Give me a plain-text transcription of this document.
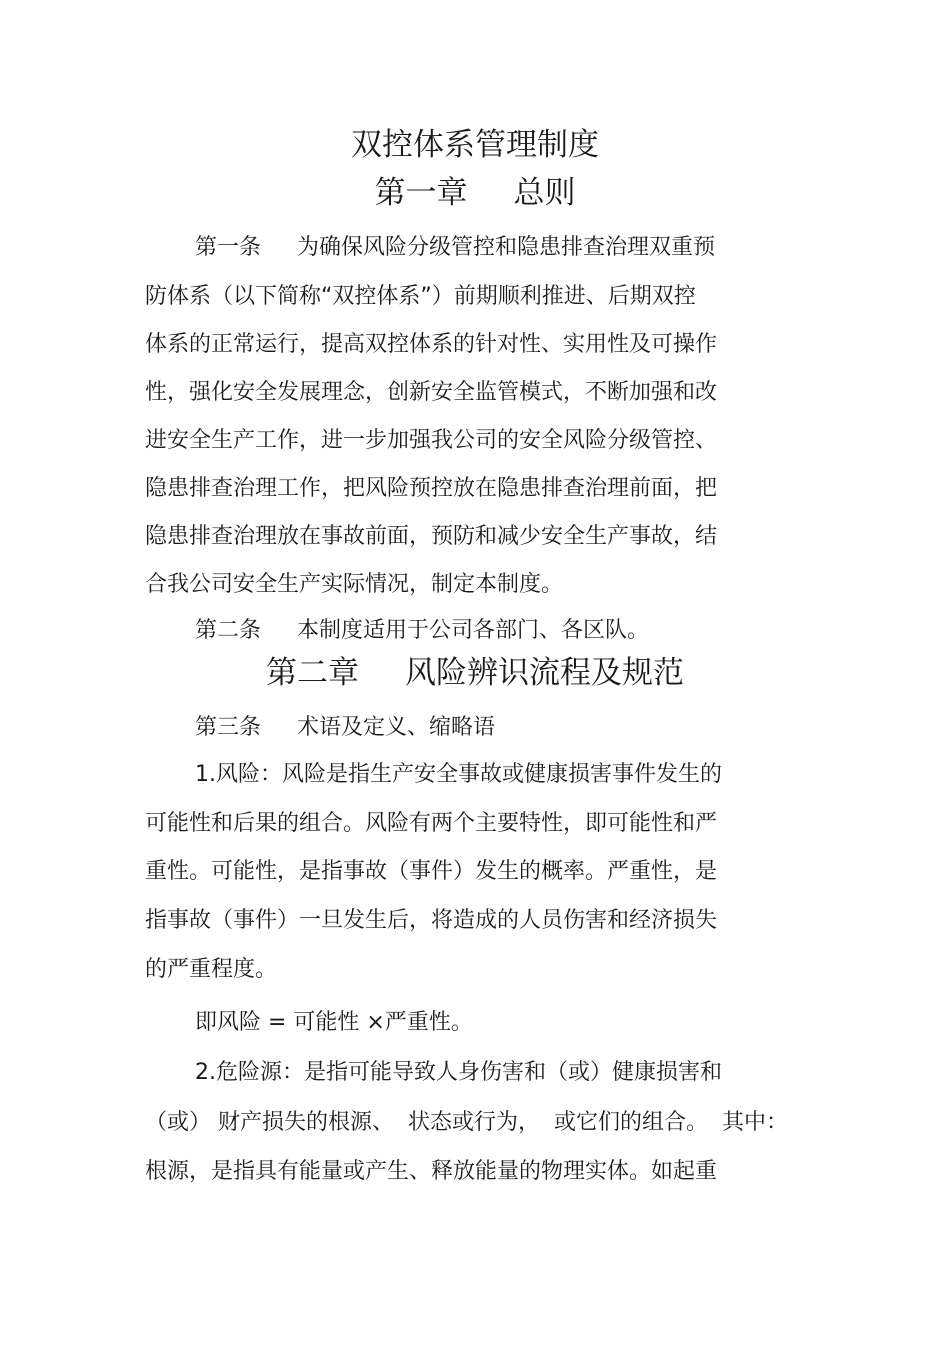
双控体系管理制度
第一章 总则
第一条 为确保风险分级管控和隐患排查治理双重预
防体系（以下简称“双控体系”）前期顺利推进、后期双控
体系的正常运行，提高双控体系的针对性、实用性及可操作
性，强化安全发展理念，创新安全监管模式，不断加强和改
进安全生产工作，进一步加强我公司的安全风险分级管控、
隐患排查治理工作，把风险预控放在隐患排查治理前面，把
隐患排查治理放在事故前面，预防和减少安全生产事故，结
合我公司安全生产实际情况，制定本制度。
第二条 本制度适用于公司各部门、各区队。
第二章 风险辨识流程及规范
第三条 术语及定义、缩略语
1.风险：风险是指生产安全事故或健康损害事件发生的
可能性和后果的组合。风险有两个主要特性，即可能性和严
重性。可能性，是指事故（事件）发生的概率。严重性，是
指事故（事件）一旦发生后，将造成的人员伤害和经济损失
的严重程度。
即风险 = 可能性 ×严重性。
2.危险源：是指可能导致人身伤害和（或）健康损害和
（或） 财产损失的根源、  状态或行为，  或它们的组合。  其中：
根源，是指具有能量或产生、释放能量的物理实体。如起重
